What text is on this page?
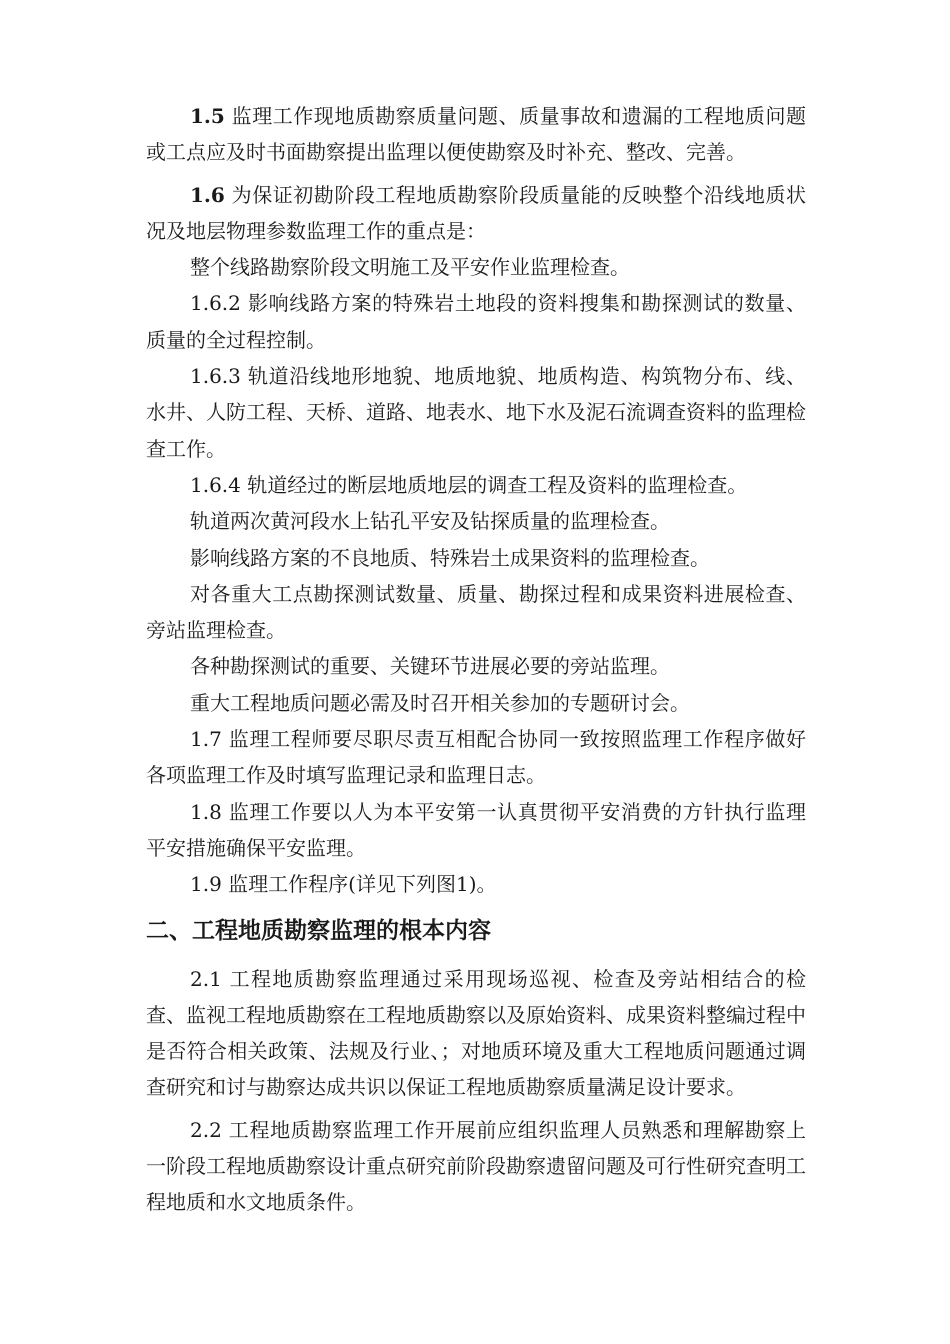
1.5 监理工作现地质勘察质量问题、质量事故和遗漏的工程地质问题或工点应及时书面勘察提出监理以便使勘察及时补充、整改、完善。

1.6 为保证初勘阶段工程地质勘察阶段质量能的反映整个沿线地质状况及地层物理参数监理工作的重点是：

整个线路勘察阶段文明施工及平安作业监理检查。

1.6.2 影响线路方案的特殊岩土地段的资料搜集和勘探测试的数量、质量的全过程控制。

1.6.3 轨道沿线地形地貌、地质地貌、地质构造、构筑物分布、线、水井、人防工程、天桥、道路、地表水、地下水及泥石流调查资料的监理检查工作。

1.6.4 轨道经过的断层地质地层的调查工程及资料的监理检查。

轨道两次黄河段水上钻孔平安及钻探质量的监理检查。

影响线路方案的不良地质、特殊岩土成果资料的监理检查。

对各重大工点勘探测试数量、质量、勘探过程和成果资料进展检查、旁站监理检查。

各种勘探测试的重要、关键环节进展必要的旁站监理。

重大工程地质问题必需及时召开相关参加的专题研讨会。

1.7 监理工程师要尽职尽责互相配合协同一致按照监理工作程序做好各项监理工作及时填写监理记录和监理日志。

1.8 监理工作要以人为本平安第一认真贯彻平安消费的方针执行监理平安措施确保平安监理。

1.9 监理工作程序(详见下列图1)。

二、工程地质勘察监理的根本内容

2.1 工程地质勘察监理通过采用现场巡视、检查及旁站相结合的检查、监视工程地质勘察在工程地质勘察以及原始资料、成果资料整编过程中是否符合相关政策、法规及行业、；对地质环境及重大工程地质问题通过调查研究和讨与勘察达成共识以保证工程地质勘察质量满足设计要求。

2.2 工程地质勘察监理工作开展前应组织监理人员熟悉和理解勘察上一阶段工程地质勘察设计重点研究前阶段勘察遗留问题及可行性研究查明工程地质和水文地质条件。
